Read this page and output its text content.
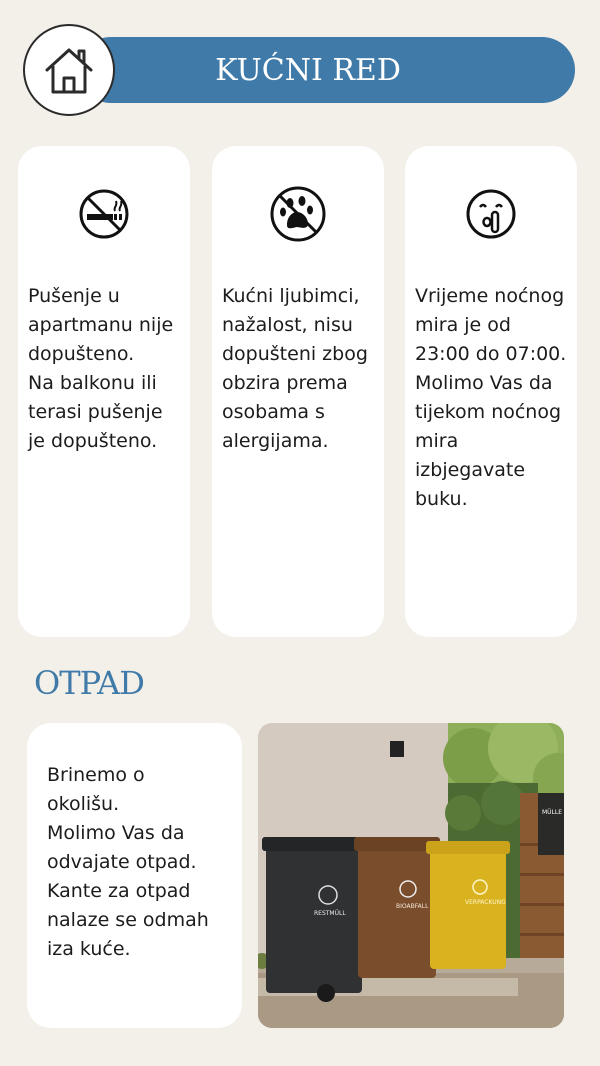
KUĆNI RED
Pušenje u
apartmanu nije
dopušteno.
Na balkonu ili
terasi pušenje
je dopušteno.
Kućni ljubimci,
nažalost, nisu
dopušteni zbog
obzira prema
osobama s
alergijama.
Vrijeme noćnog
mira je od
23:00 do 07:00.
Molimo Vas da
tijekom noćnog
mira
izbjegavate
buku.
OTPAD
Brinemo o
okolišu.
Molimo Vas da
odvajate otpad.
Kante za otpad
nalaze se odmah
iza kuće.
MÜLLE
RESTMÜLL
BIOABFALL
VERPACKUNG
